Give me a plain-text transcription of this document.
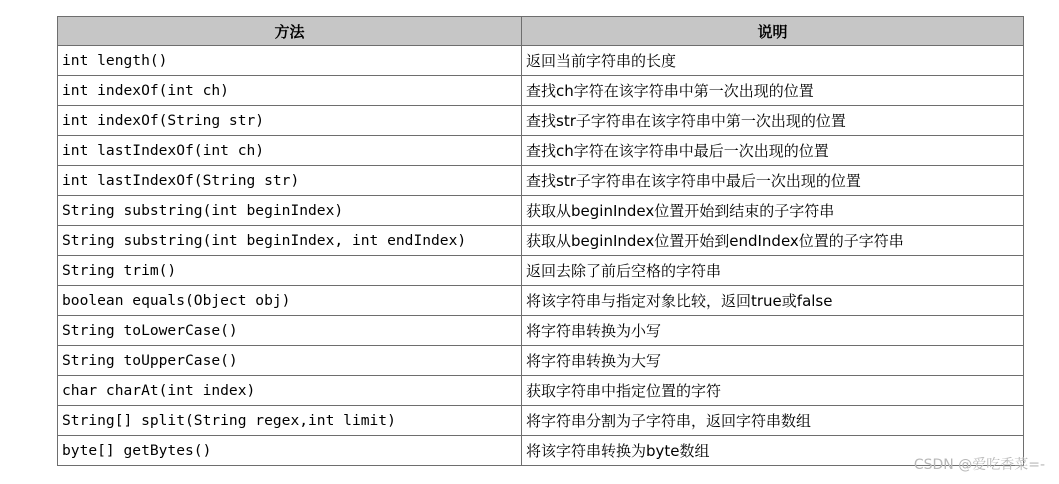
方法	说明
int length()	返回当前字符串的长度
int indexOf(int ch)	查找ch字符在该字符串中第一次出现的位置
int indexOf(String str)	查找str子字符串在该字符串中第一次出现的位置
int lastIndexOf(int ch)	查找ch字符在该字符串中最后一次出现的位置
int lastIndexOf(String str)	查找str子字符串在该字符串中最后一次出现的位置
String substring(int beginIndex)	获取从beginIndex位置开始到结束的子字符串
String substring(int beginIndex, int endIndex)	获取从beginIndex位置开始到endIndex位置的子字符串
String trim()	返回去除了前后空格的字符串
boolean equals(Object obj)	将该字符串与指定对象比较，返回true或false
String toLowerCase()	将字符串转换为小写
String toUpperCase()	将字符串转换为大写
char charAt(int index)	获取字符串中指定位置的字符
String[] split(String regex,int limit)	将字符串分割为子字符串，返回字符串数组
byte[] getBytes()	将该字符串转换为byte数组
CSDN @爱吃香菜=-
